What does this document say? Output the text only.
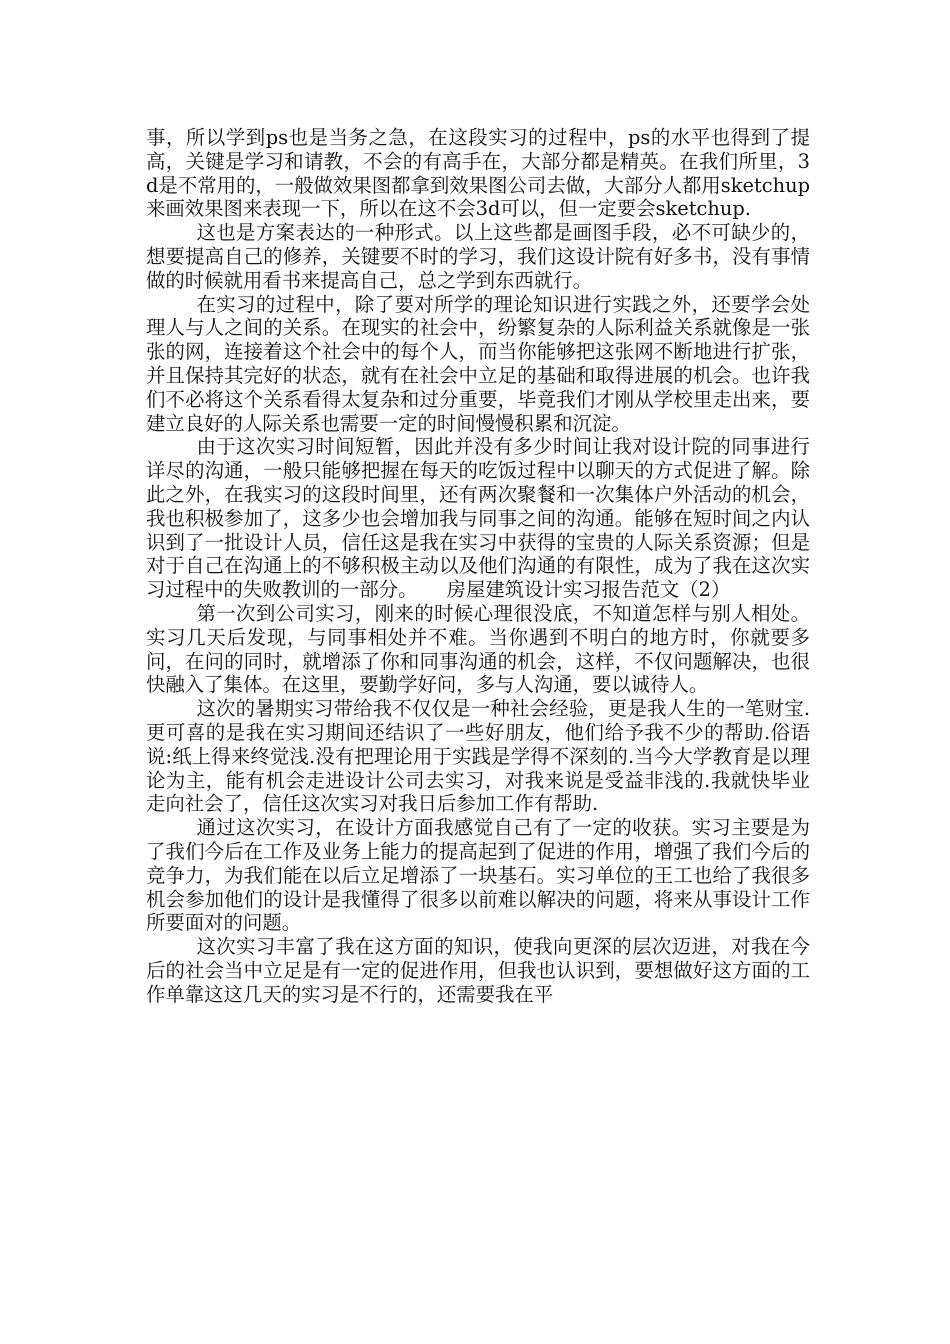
事，所以学到ps也是当务之急，在这段实习的过程中，ps的水平也得到了提高，关键是学习和请教，不会的有高手在，大部分都是精英。在我们所里，3d是不常用的，一般做效果图都拿到效果图公司去做，大部分人都用sketchup来画效果图来表现一下，所以在这不会3d可以，但一定要会sketchup.

这也是方案表达的一种形式。以上这些都是画图手段，必不可缺少的，想要提高自己的修养，关键要不时的学习，我们这设计院有好多书，没有事情做的时候就用看书来提高自己，总之学到东西就行。

在实习的过程中，除了要对所学的理论知识进行实践之外，还要学会处理人与人之间的关系。在现实的社会中，纷繁复杂的人际利益关系就像是一张张的网，连接着这个社会中的每个人，而当你能够把这张网不断地进行扩张，并且保持其完好的状态，就有在社会中立足的基础和取得进展的机会。也许我们不必将这个关系看得太复杂和过分重要，毕竟我们才刚从学校里走出来，要建立良好的人际关系也需要一定的时间慢慢积累和沉淀。

由于这次实习时间短暂，因此并没有多少时间让我对设计院的同事进行详尽的沟通，一般只能够把握在每天的吃饭过程中以聊天的方式促进了解。除此之外，在我实习的这段时间里，还有两次聚餐和一次集体户外活动的机会，我也积极参加了，这多少也会增加我与同事之间的沟通。能够在短时间之内认识到了一批设计人员，信任这是我在实习中获得的宝贵的人际关系资源；但是对于自己在沟通上的不够积极主动以及他们沟通的有限性，成为了我在这次实习过程中的失败教训的一部分。　　房屋建筑设计实习报告范文（2）

第一次到公司实习，刚来的时候心理很没底，不知道怎样与别人相处。实习几天后发现，与同事相处并不难。当你遇到不明白的地方时，你就要多问，在问的同时，就增添了你和同事沟通的机会，这样，不仅问题解决，也很快融入了集体。在这里，要勤学好问，多与人沟通，要以诚待人。

这次的暑期实习带给我不仅仅是一种社会经验，更是我人生的一笔财宝.更可喜的是我在实习期间还结识了一些好朋友，他们给予我不少的帮助.俗语说:纸上得来终觉浅.没有把理论用于实践是学得不深刻的.当今大学教育是以理论为主，能有机会走进设计公司去实习，对我来说是受益非浅的.我就快毕业走向社会了，信任这次实习对我日后参加工作有帮助.

通过这次实习，在设计方面我感觉自己有了一定的收获。实习主要是为了我们今后在工作及业务上能力的提高起到了促进的作用，增强了我们今后的竞争力，为我们能在以后立足增添了一块基石。实习单位的王工也给了我很多机会参加他们的设计是我懂得了很多以前难以解决的问题，将来从事设计工作所要面对的问题。

这次实习丰富了我在这方面的知识，使我向更深的层次迈进，对我在今后的社会当中立足是有一定的促进作用，但我也认识到，要想做好这方面的工作单靠这这几天的实习是不行的，还需要我在平
